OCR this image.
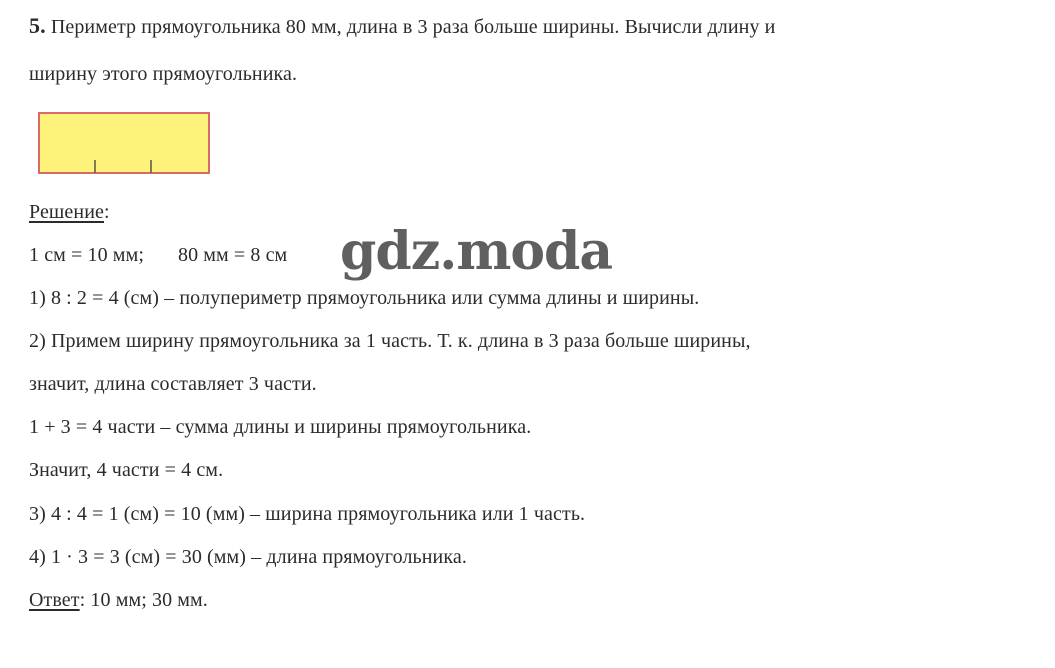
5. Периметр прямоугольника 80 мм, длина в 3 раза больше ширины. Вычисли длину и
ширину этого прямоугольника.
Решение:
1 см = 10 мм; 80 мм = 8 см
1) 8 : 2 = 4 (см) – полупериметр прямоугольника или сумма длины и ширины.
2) Примем ширину прямоугольника за 1 часть. Т. к. длина в 3 раза больше ширины,
значит, длина составляет 3 части.
1 + 3 = 4 части – сумма длины и ширины прямоугольника.
Значит, 4 части = 4 см.
3) 4 : 4 = 1 (см) = 10 (мм) – ширина прямоугольника или 1 часть.
4) 1 · 3 = 3 (см) = 30 (мм) – длина прямоугольника.
Ответ: 10 мм; 30 мм.
gdz.moda
